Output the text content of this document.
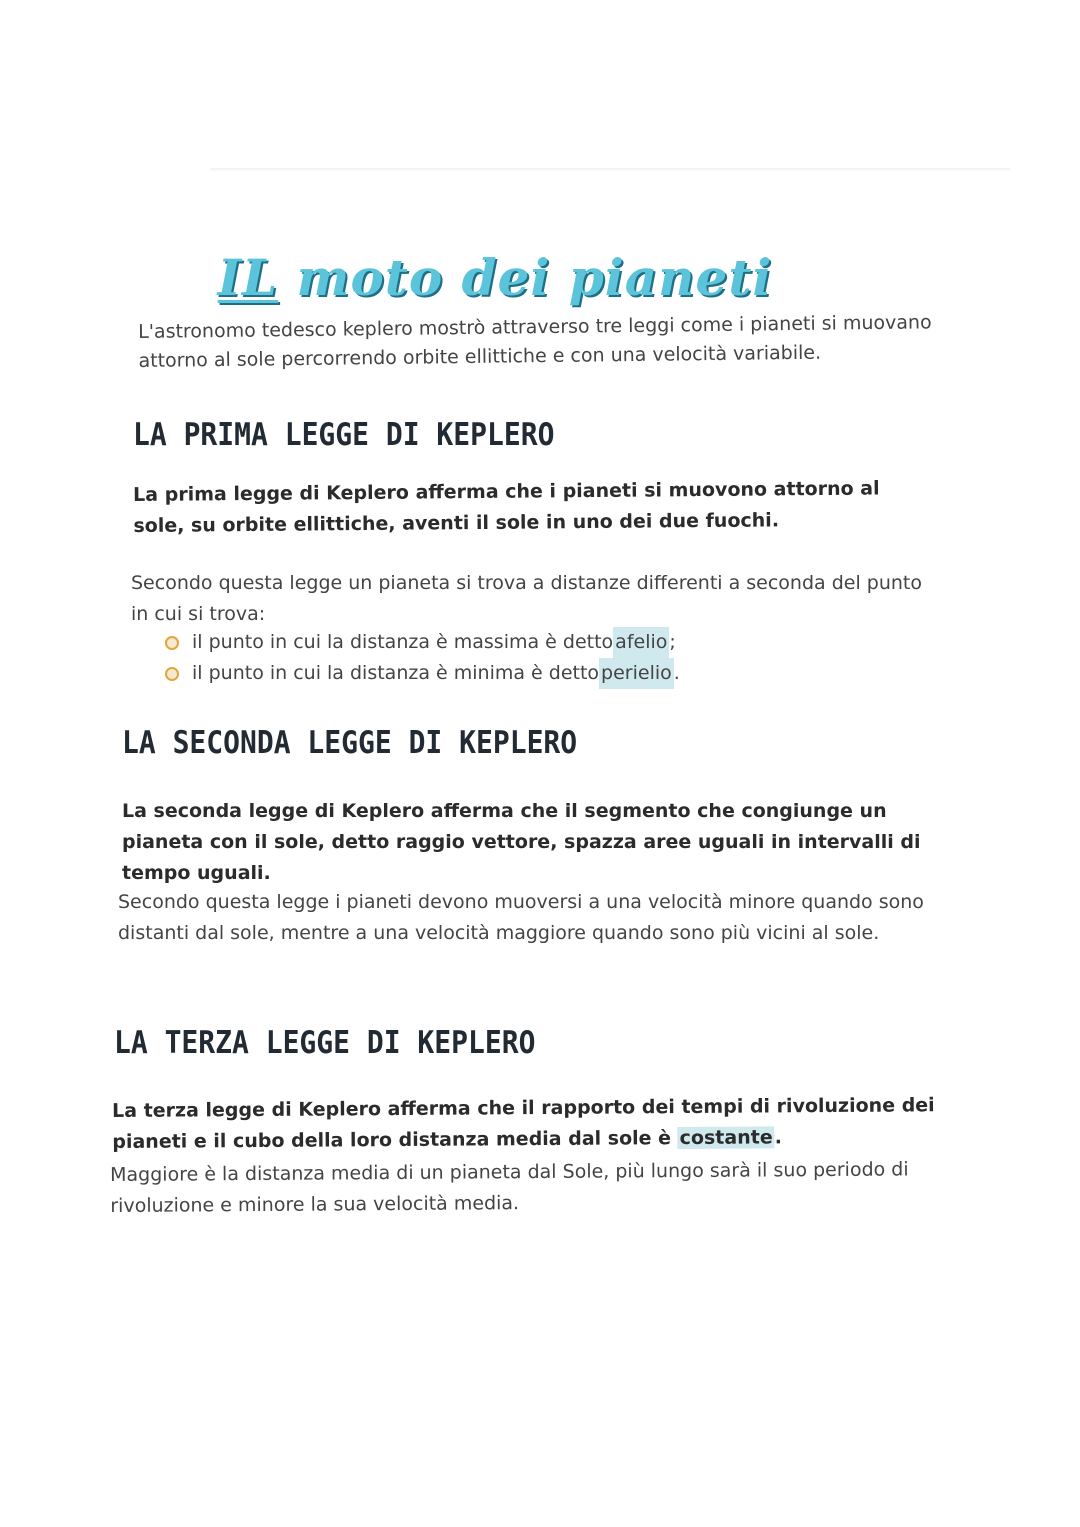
IL moto dei pianeti

L'astronomo tedesco keplero mostrò attraverso tre leggi come i pianeti si muovano attorno al sole percorrendo orbite ellittiche e con una velocità variabile.

LA PRIMA LEGGE DI KEPLERO

La prima legge di Keplero afferma che i pianeti si muovono attorno al sole, su orbite ellittiche, aventi il sole in uno dei due fuochi.

Secondo questa legge un pianeta si trova a distanze differenti a seconda del punto in cui si trova:

il punto in cui la distanza è massima è detto afelio ;
il punto in cui la distanza è minima è detto perielio .
LA SECONDA LEGGE DI KEPLERO

La seconda legge di Keplero afferma che il segmento che congiunge un pianeta con il sole, detto raggio vettore, spazza aree uguali in intervalli di tempo uguali.

Secondo questa legge i pianeti devono muoversi a una velocità minore quando sono distanti dal sole, mentre a una velocità maggiore quando sono più vicini al sole.

LA TERZA LEGGE DI KEPLERO

La terza legge di Keplero afferma che il rapporto dei tempi di rivoluzione dei pianeti e il cubo della loro distanza media dal sole è costante.

Maggiore è la distanza media di un pianeta dal Sole, più lungo sarà il suo periodo di rivoluzione e minore la sua velocità media.
